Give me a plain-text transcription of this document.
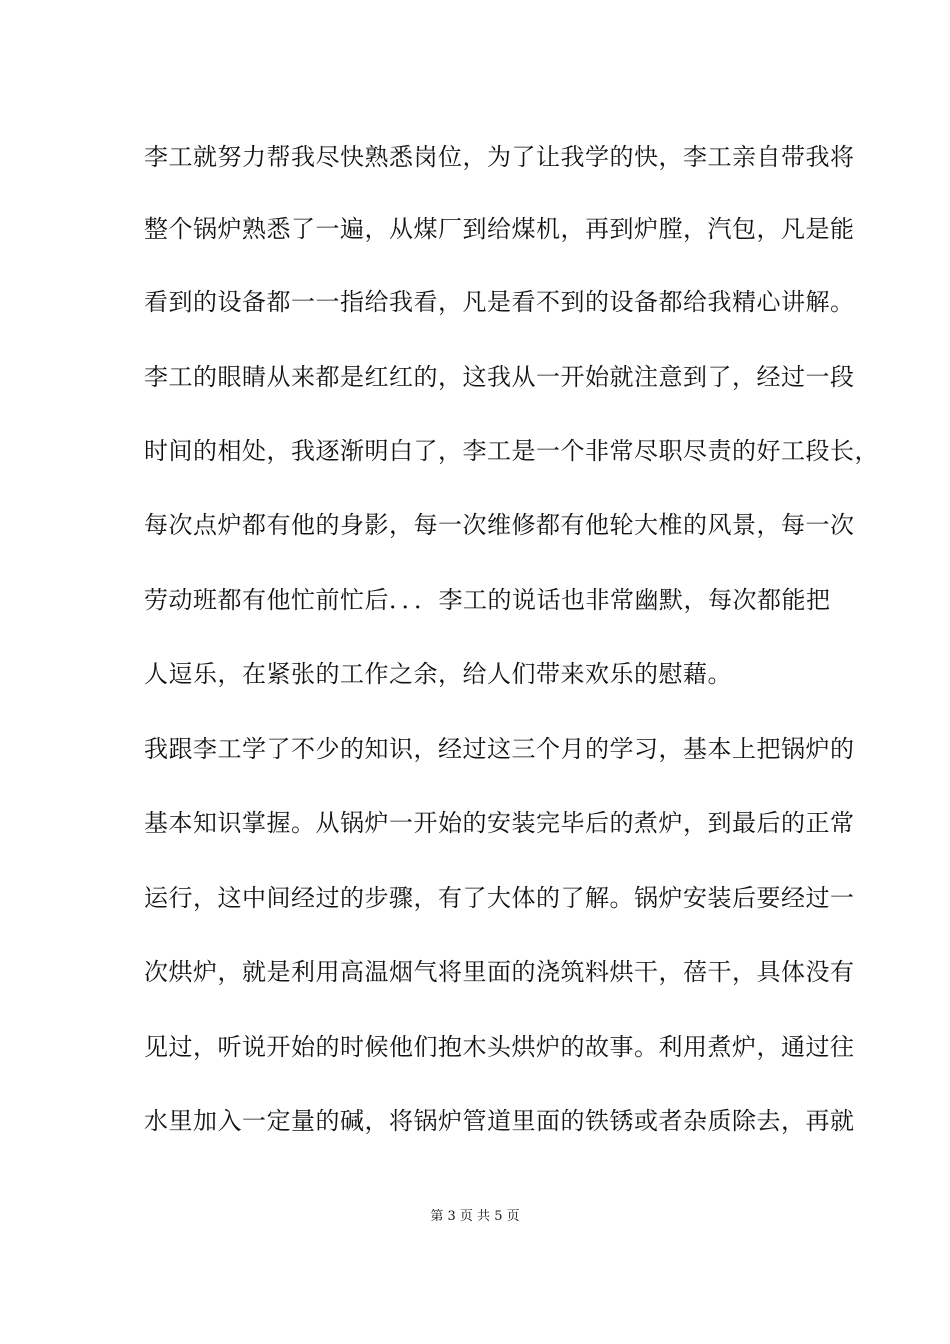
李工就努力帮我尽快熟悉岗位，为了让我学的快，李工亲自带我将
整个锅炉熟悉了一遍，从煤厂到给煤机，再到炉膛，汽包，凡是能
看到的设备都一一指给我看，凡是看不到的设备都给我精心讲解。
李工的眼睛从来都是红红的，这我从一开始就注意到了，经过一段
时间的相处，我逐渐明白了，李工是一个非常尽职尽责的好工段长，
每次点炉都有他的身影，每一次维修都有他轮大椎的风景，每一次
劳动班都有他忙前忙后．．．李工的说话也非常幽默，每次都能把
人逗乐，在紧张的工作之余，给人们带来欢乐的慰藉。
我跟李工学了不少的知识，经过这三个月的学习，基本上把锅炉的
基本知识掌握。从锅炉一开始的安装完毕后的煮炉，到最后的正常
运行，这中间经过的步骤，有了大体的了解。锅炉安装后要经过一
次烘炉，就是利用高温烟气将里面的浇筑料烘干，蓓干，具体没有
见过，听说开始的时候他们抱木头烘炉的故事。利用煮炉，通过往
水里加入一定量的碱，将锅炉管道里面的铁锈或者杂质除去，再就
第 3 页 共 5 页
